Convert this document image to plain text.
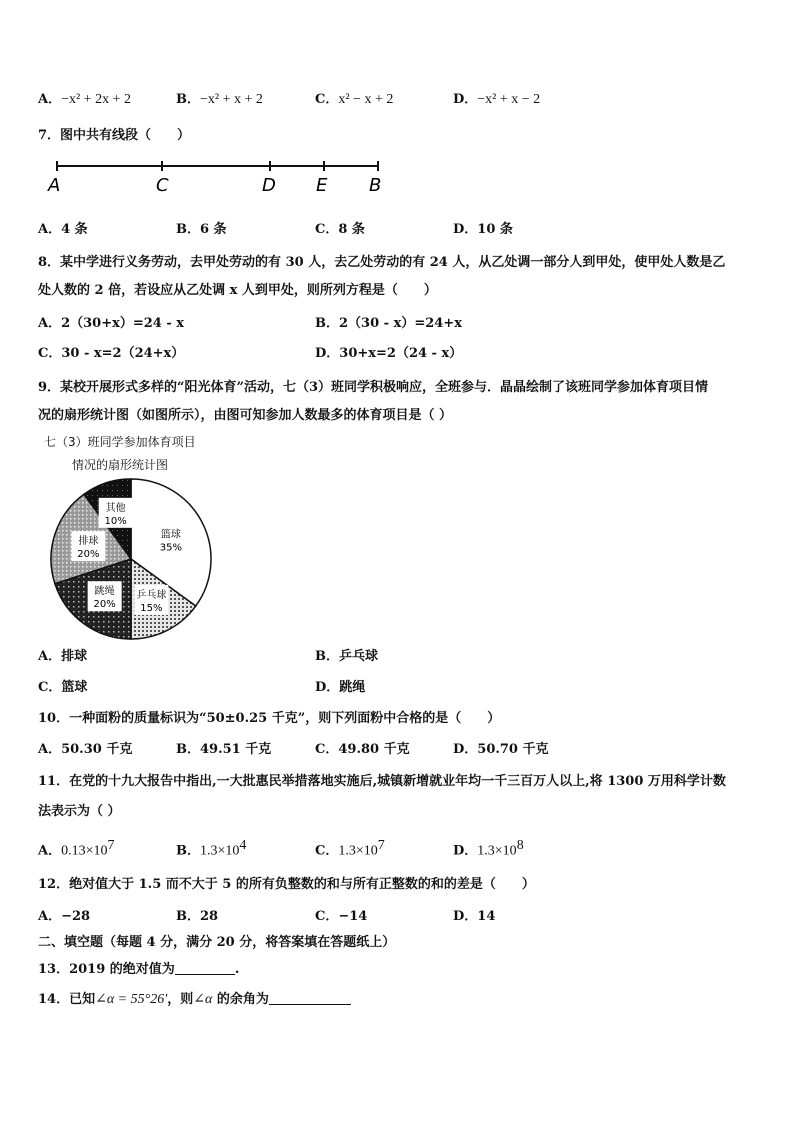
A．−x² + 2x + 2	B．−x² + x + 2	C．x² − x + 2	D．−x² + x − 2
7．图中共有线段（　　）
A	C	D E B
A．4 条	B．6 条	C．8 条	D．10 条
8．某中学进行义务劳动，去甲处劳动的有 30 人，去乙处劳动的有 24 人，从乙处调一部分人到甲处，使甲处人数是乙
处人数的 2 倍，若设应从乙处调 x 人到甲处，则所列方程是（　　）
A．2（30+x）=24 - x	B．2（30 - x）=24+x
C．30 - x=2（24+x）	D．30+x=2（24 - x）
9．某校开展形式多样的“阳光体育”活动，七（3）班同学积极响应，全班参与．晶晶绘制了该班同学参加体育项目情
况的扇形统计图（如图所示），由图可知参加人数最多的体育项目是（ ）
七（3）班同学参加体育项目
情况的扇形统计图
篮球
35%
乒乓球
15%
跳绳
20%
排球
20%
其他
10%
A．排球	B．乒乓球
C．篮球	D．跳绳
10．一种面粉的质量标识为“50±0.25 千克”，则下列面粉中合格的是（　　）
A．50.30 千克	B．49.51 千克	C．49.80 千克	D．50.70 千克
11．在党的十九大报告中指出,一大批惠民举措落地实施后,城镇新增就业年均一千三百万人以上,将 1300 万用科学计数
法表示为（ ）
A．$0.13\times 10^7$	B．$1.3\times 10^4$	C．$1.3\times 10^7$	D．$1.3\times 10^8$
12．绝对值大于 1.5 而不大于 5 的所有负整数的和与所有正整数的和的差是（　　）
A．−28	B．28	C．−14	D．14
二、填空题（每题 4 分，满分 20 分，将答案填在答题纸上）
13．2019 的绝对值为	.
14．已知∠α = 55°26′，则∠α 的余角为
